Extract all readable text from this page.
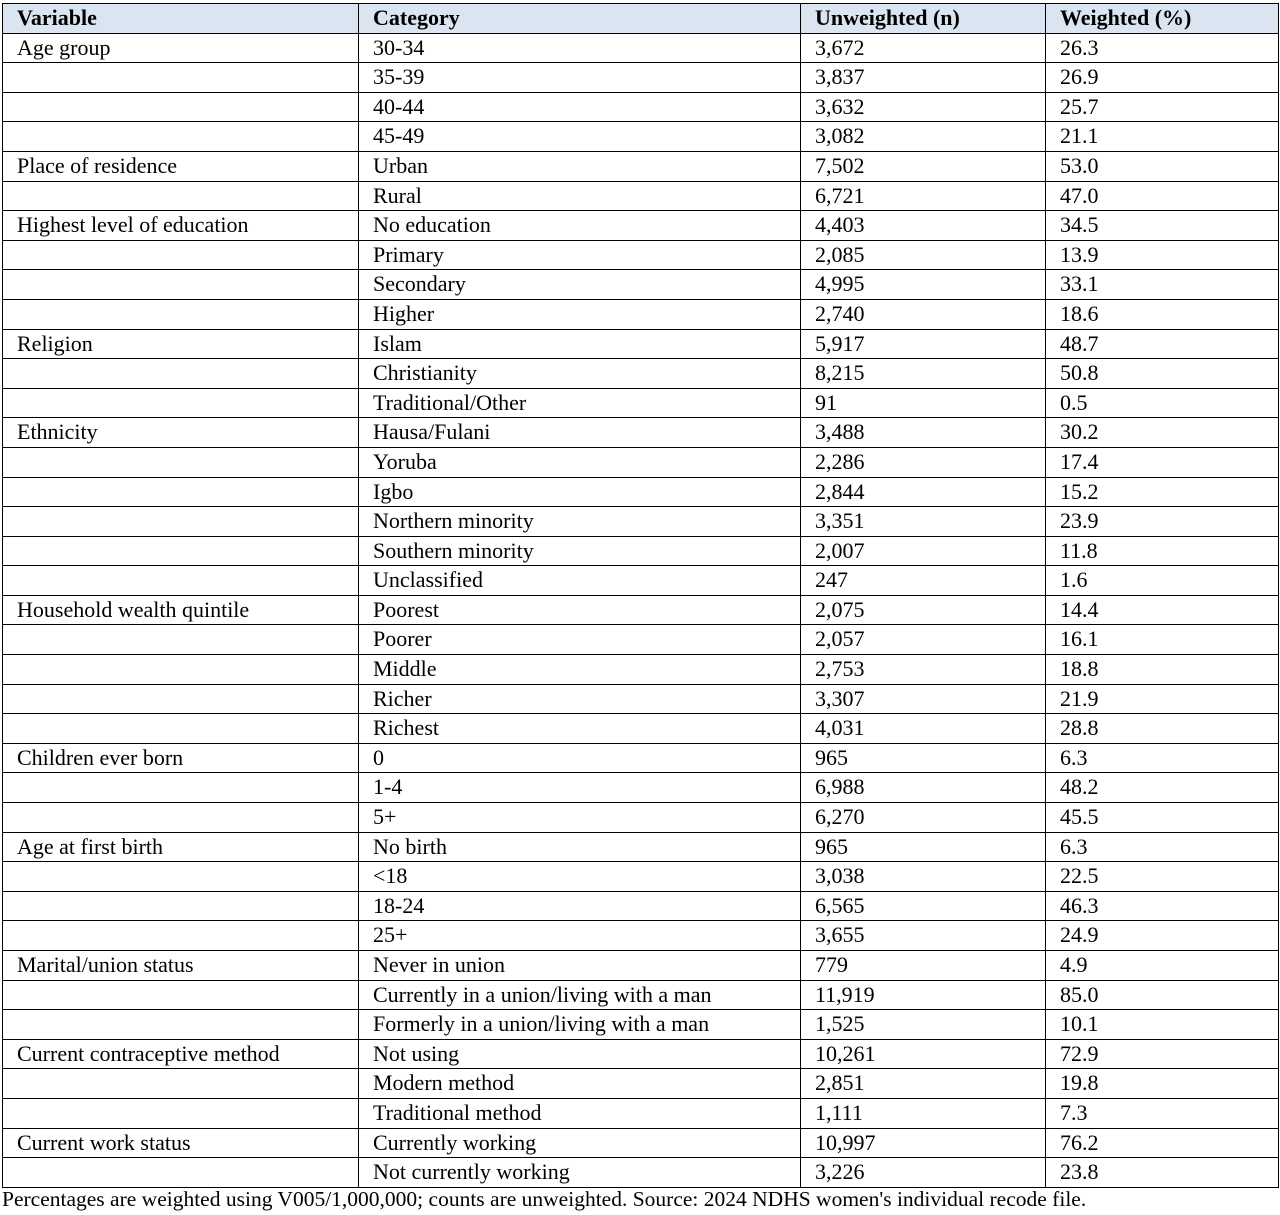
Variable	Category	Unweighted (n)	Weighted (%)
Age group	30-34	3,672	26.3
	35-39	3,837	26.9
	40-44	3,632	25.7
	45-49	3,082	21.1
Place of residence	Urban	7,502	53.0
	Rural	6,721	47.0
Highest level of education	No education	4,403	34.5
	Primary	2,085	13.9
	Secondary	4,995	33.1
	Higher	2,740	18.6
Religion	Islam	5,917	48.7
	Christianity	8,215	50.8
	Traditional/Other	91	0.5
Ethnicity	Hausa/Fulani	3,488	30.2
	Yoruba	2,286	17.4
	Igbo	2,844	15.2
	Northern minority	3,351	23.9
	Southern minority	2,007	11.8
	Unclassified	247	1.6
Household wealth quintile	Poorest	2,075	14.4
	Poorer	2,057	16.1
	Middle	2,753	18.8
	Richer	3,307	21.9
	Richest	4,031	28.8
Children ever born	0	965	6.3
	1-4	6,988	48.2
	5+	6,270	45.5
Age at first birth	No birth	965	6.3
	<18	3,038	22.5
	18-24	6,565	46.3
	25+	3,655	24.9
Marital/union status	Never in union	779	4.9
	Currently in a union/living with a man	11,919	85.0
	Formerly in a union/living with a man	1,525	10.1
Current contraceptive method	Not using	10,261	72.9
	Modern method	2,851	19.8
	Traditional method	1,111	7.3
Current work status	Currently working	10,997	76.2
	Not currently working	3,226	23.8
Percentages are weighted using V005/1,000,000; counts are unweighted. Source: 2024 NDHS women's individual recode file.
